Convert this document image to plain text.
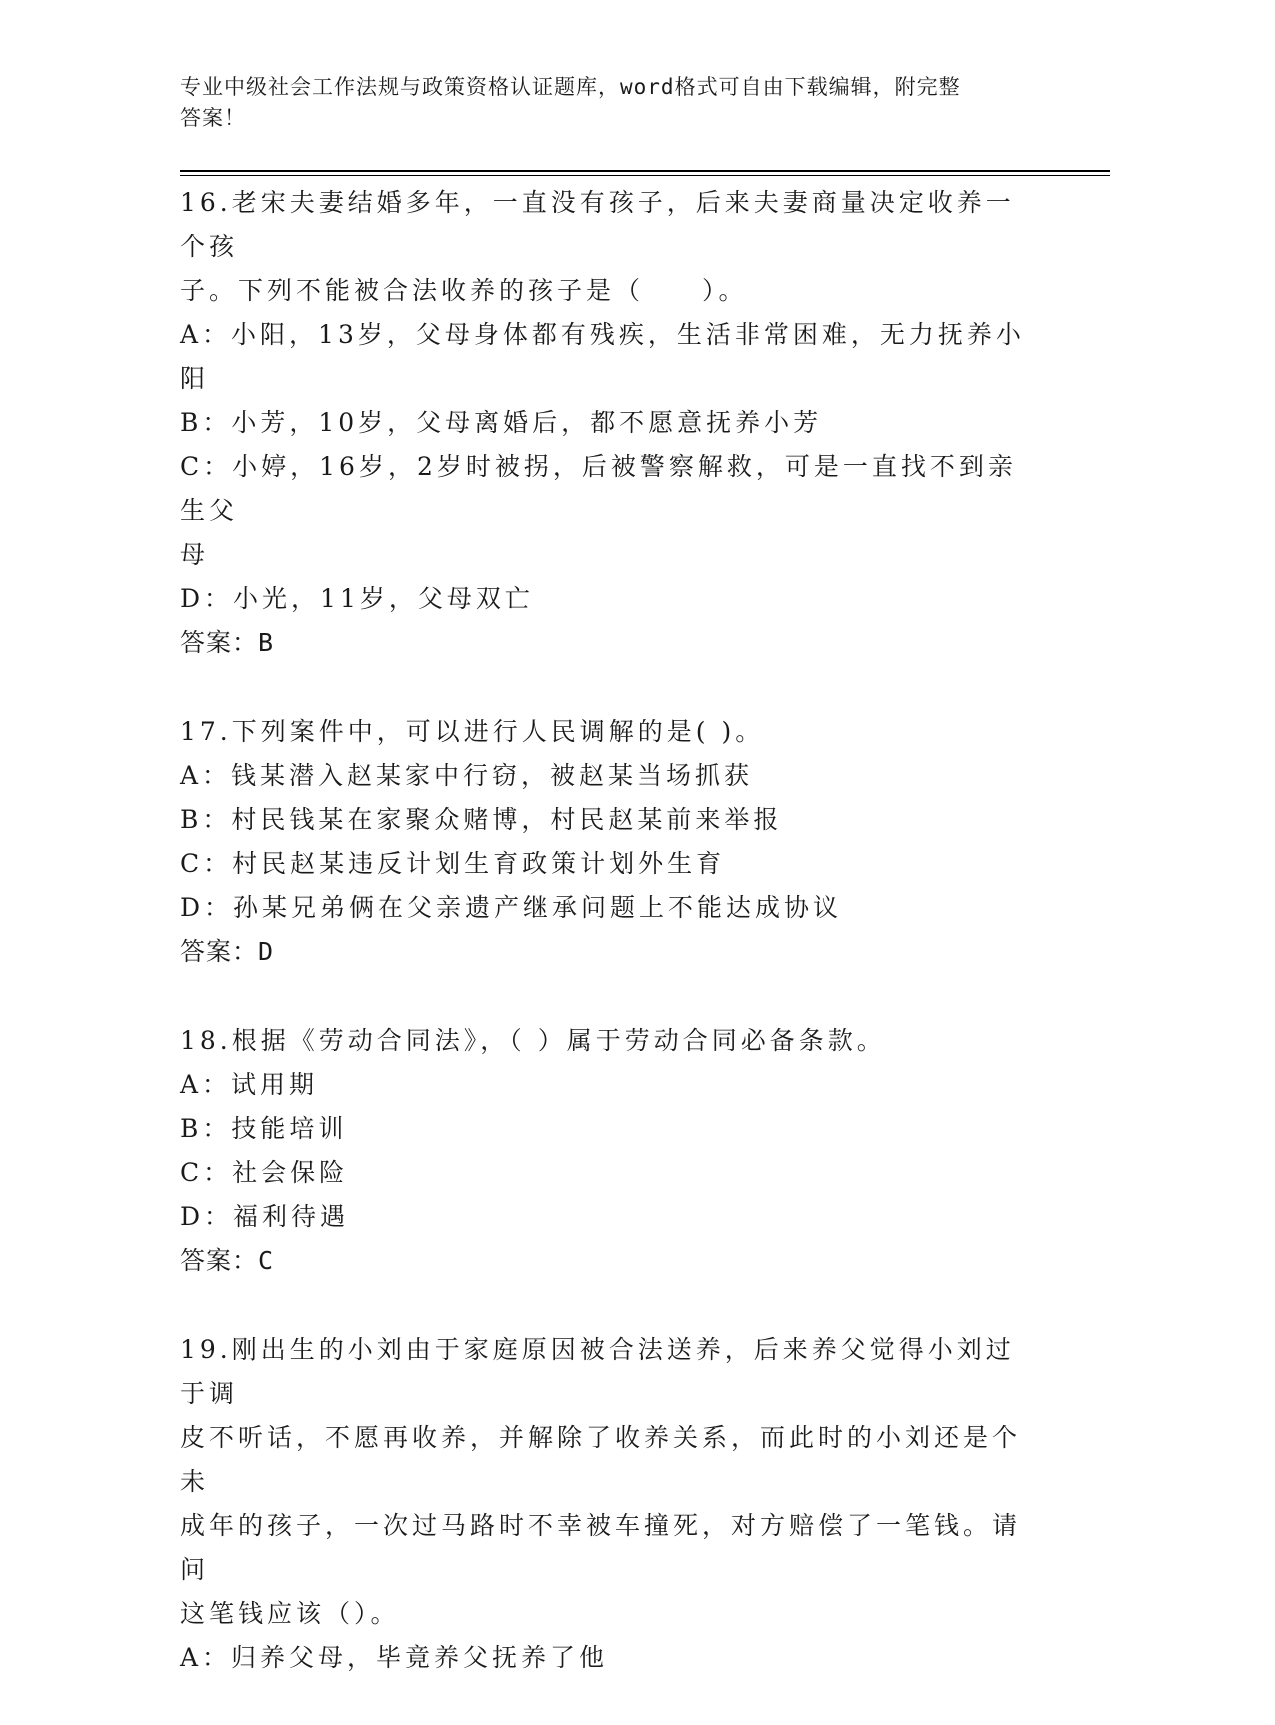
专业中级社会工作法规与政策资格认证题库，word格式可自由下载编辑，附完整
答案！

16.老宋夫妻结婚多年，一直没有孩子，后来夫妻商量决定收养一个孩

子。下列不能被合法收养的孩子是（　　）。

A：小阳，13岁，父母身体都有残疾，生活非常困难，无力抚养小阳

B：小芳，10岁，父母离婚后，都不愿意抚养小芳

C：小婷，16岁，2岁时被拐，后被警察解救，可是一直找不到亲生父

母

D：小光，11岁，父母双亡

答案：B

17.下列案件中，可以进行人民调解的是( )。

A：钱某潜入赵某家中行窃，被赵某当场抓获

B：村民钱某在家聚众赌博，村民赵某前来举报

C：村民赵某违反计划生育政策计划外生育

D：孙某兄弟俩在父亲遗产继承问题上不能达成协议

答案：D

18.根据《劳动合同法》，（ ）属于劳动合同必备条款。

A：试用期

B：技能培训

C：社会保险

D：福利待遇

答案：C

19.刚出生的小刘由于家庭原因被合法送养，后来养父觉得小刘过于调

皮不听话，不愿再收养，并解除了收养关系，而此时的小刘还是个未

成年的孩子，一次过马路时不幸被车撞死，对方赔偿了一笔钱。请问

这笔钱应该（）。

A：归养父母，毕竟养父抚养了他
